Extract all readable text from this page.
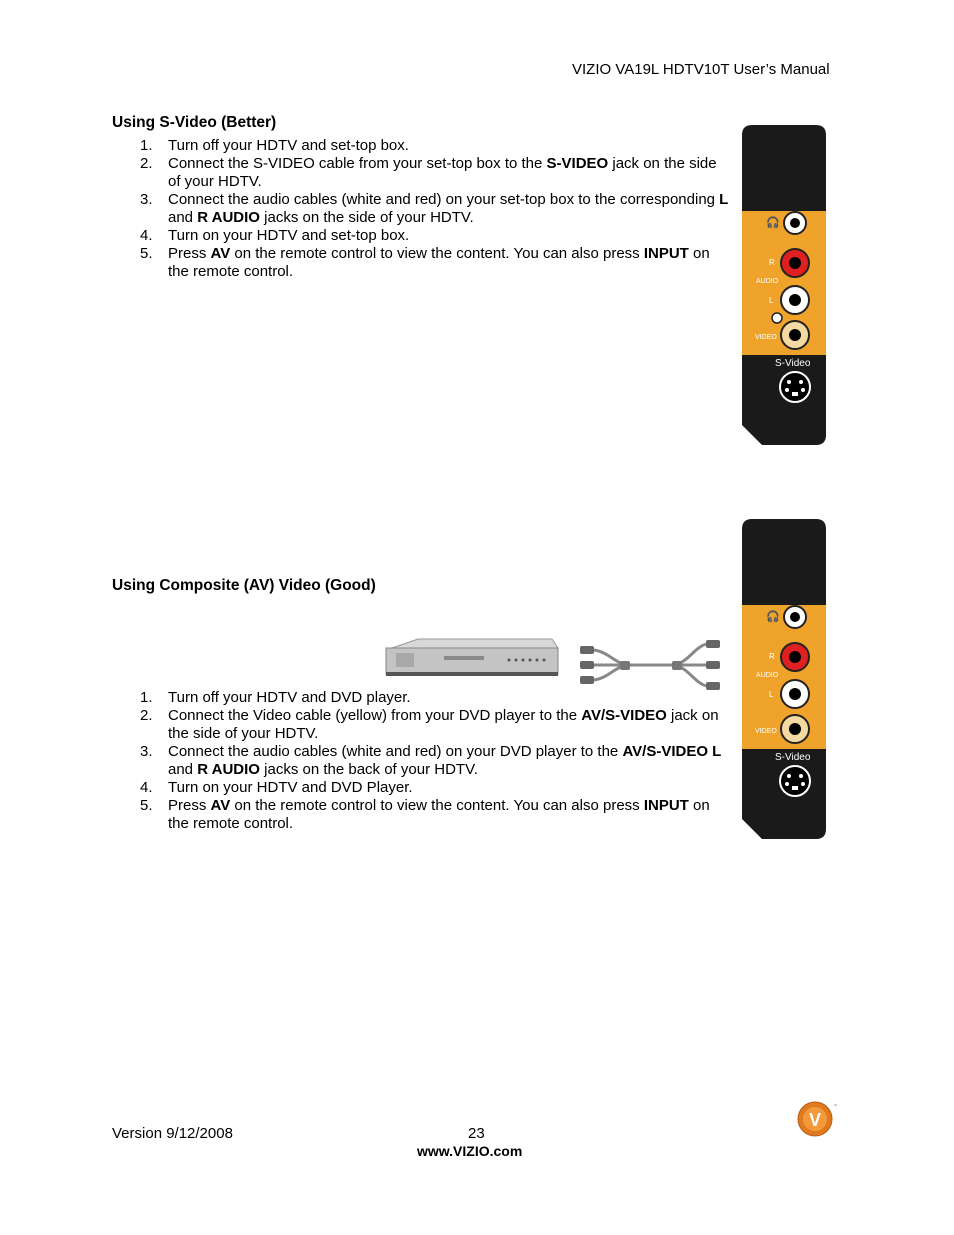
VIZIO VA19L HDTV10T User’s Manual
Using S-Video (Better)
1. Turn off your HDTV and set-top box.
2. Connect the S-VIDEO cable from your set-top box to the S-VIDEO jack on the side of your HDTV.
3. Connect the audio cables (white and red) on your set-top box to the corresponding L and R AUDIO jacks on the side of your HDTV.
4. Turn on your HDTV and set-top box.
5. Press AV on the remote control to view the content. You can also press INPUT on the remote control.
🎧
R
AUDIO
L
VIDEO
S-Video
Using Composite (AV) Video (Good)
1. Turn off your HDTV and DVD player.
2. Connect the Video cable (yellow) from your DVD player to the AV/S-VIDEO jack on the side of your HDTV.
3. Connect the audio cables (white and red) on your DVD player to the AV/S-VIDEO L and R AUDIO jacks on the back of your HDTV.
4. Turn on your HDTV and DVD Player.
5. Press AV on the remote control to view the content. You can also press INPUT on the remote control.
🎧
R
AUDIO
L
VIDEO
S-Video
Version 9/12/2008	23
www.VIZIO.com
V
™
